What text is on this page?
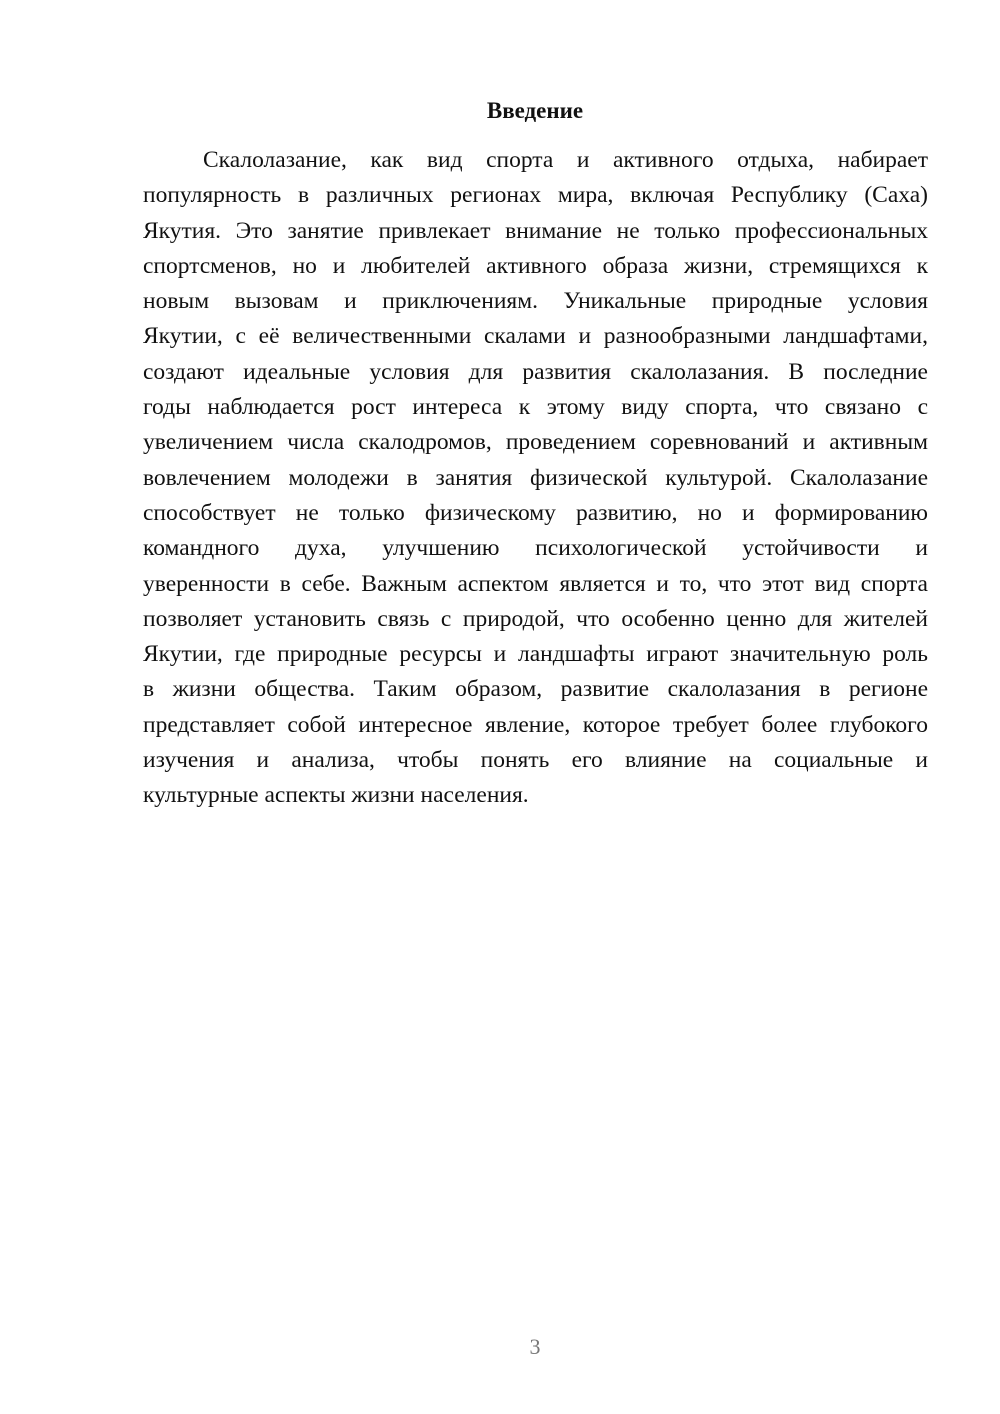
Введение
Скалолазание, как вид спорта и активного отдыха, набирает
популярность в различных регионах мира, включая Республику (Саха)
Якутия. Это занятие привлекает внимание не только профессиональных
спортсменов, но и любителей активного образа жизни, стремящихся к
новым вызовам и приключениям. Уникальные природные условия
Якутии, с её величественными скалами и разнообразными ландшафтами,
создают идеальные условия для развития скалолазания. В последние
годы наблюдается рост интереса к этому виду спорта, что связано с
увеличением числа скалодромов, проведением соревнований и активным
вовлечением молодежи в занятия физической культурой. Скалолазание
способствует не только физическому развитию, но и формированию
командного духа, улучшению психологической устойчивости и
уверенности в себе. Важным аспектом является и то, что этот вид спорта
позволяет установить связь с природой, что особенно ценно для жителей
Якутии, где природные ресурсы и ландшафты играют значительную роль
в жизни общества. Таким образом, развитие скалолазания в регионе
представляет собой интересное явление, которое требует более глубокого
изучения и анализа, чтобы понять его влияние на социальные и
культурные аспекты жизни населения.
3
